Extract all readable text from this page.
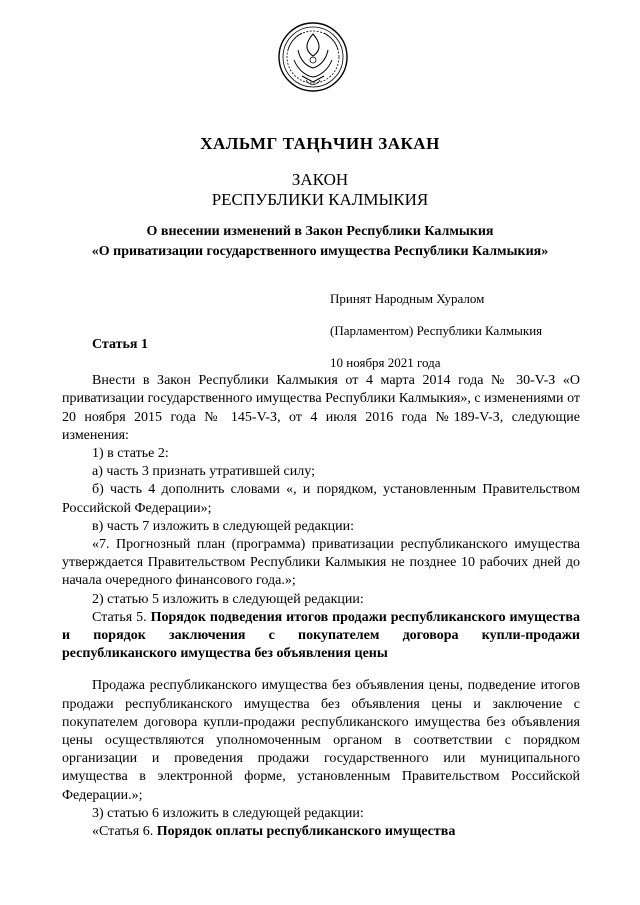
ХАЛЬМГ ТАҢҺЧИН ЗАКАН
ЗАКОН
РЕСПУБЛИКИ КАЛМЫКИЯ
О внесении изменений в Закон Республики Калмыкия
«О приватизации государственного имущества Республики Калмыкия»

Принят Народным Хуралом

(Парламентом) Республики Калмыкия

10 ноября 2021 года

Статья 1

Внести в Закон Республики Калмыкия от 4 марта 2014 года № 30-V-З «О приватизации государственного имущества Республики Калмыкия», с изменениями от 20 ноября 2015 года № 145-V-З, от 4 июля 2016 года №189-V-З, следующие изменения:

1) в статье 2:

а) часть 3 признать утратившей силу;

б) часть 4 дополнить словами «, и порядком, установленным Правительством Российской Федерации»;

в) часть 7 изложить в следующей редакции:

«7. Прогнозный план (программа) приватизации республиканского имущества утверждается Правительством Республики Калмыкия не позднее 10 рабочих дней до начала очередного финансового года.»;

2) статью 5 изложить в следующей редакции:

Статья 5. Порядок подведения итогов продажи республиканского имущества и порядок заключения с покупателем договора купли-продажи республиканского имущества без объявления цены

Продажа республиканского имущества без объявления цены, подведение итогов продажи республиканского имущества без объявления цены и заключение с покупателем договора купли-продажи республиканского имущества без объявления цены осуществляются уполномоченным органом в соответствии с порядком организации и проведения продажи государственного или муниципального имущества в электронной форме, установленным Правительством Российской Федерации.»;

3) статью 6 изложить в следующей редакции:

«Статья 6. Порядок оплаты республиканского имущества
